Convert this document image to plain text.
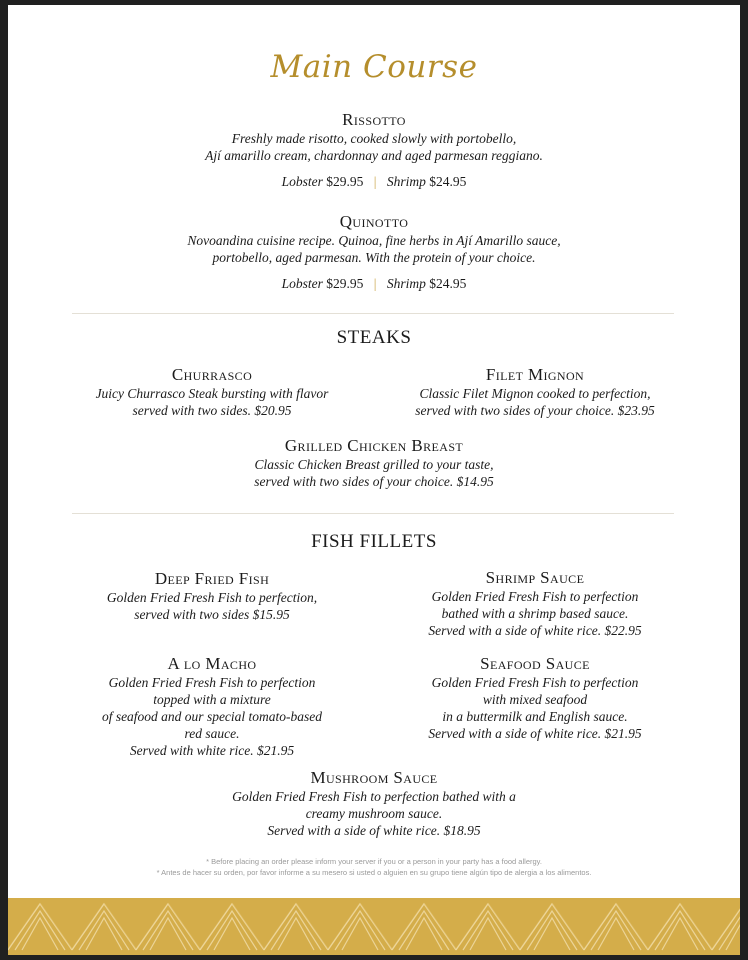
Main Course
Rissotto
Freshly made risotto, cooked slowly with portobello,
Ají amarillo cream, chardonnay and aged parmesan reggiano.
Lobster $29.95 | Shrimp $24.95
Quinotto
Novoandina cuisine recipe. Quinoa, fine herbs in Ají Amarillo sauce,
portobello, aged parmesan. With the protein of your choice.
Lobster $29.95 | Shrimp $24.95
STEAKS
Churrasco
Juicy Churrasco Steak bursting with flavor
served with two sides. $20.95
Filet Mignon
Classic Filet Mignon cooked to perfection,
served with two sides of your choice. $23.95
Grilled Chicken Breast
Classic Chicken Breast grilled to your taste,
served with two sides of your choice. $14.95
FISH FILLETS
Deep Fried Fish
Golden Fried Fresh Fish to perfection,
served with two sides $15.95
Shrimp Sauce
Golden Fried Fresh Fish to perfection
bathed with a shrimp based sauce.
Served with a side of white rice. $22.95
A lo Macho
Golden Fried Fresh Fish to perfection
topped with a mixture
of seafood and our special tomato-based
red sauce.
Served with white rice. $21.95
Seafood Sauce
Golden Fried Fresh Fish to perfection
with mixed seafood
in a buttermilk and English sauce.
Served with a side of white rice. $21.95
Mushroom Sauce
Golden Fried Fresh Fish to perfection bathed with a
creamy mushroom sauce.
Served with a side of white rice. $18.95
* Before placing an order please inform your server if you or a person in your party has a food allergy.
* Antes de hacer su orden, por favor informe a su mesero si usted o alguien en su grupo tiene algún tipo de alergia a los alimentos.
